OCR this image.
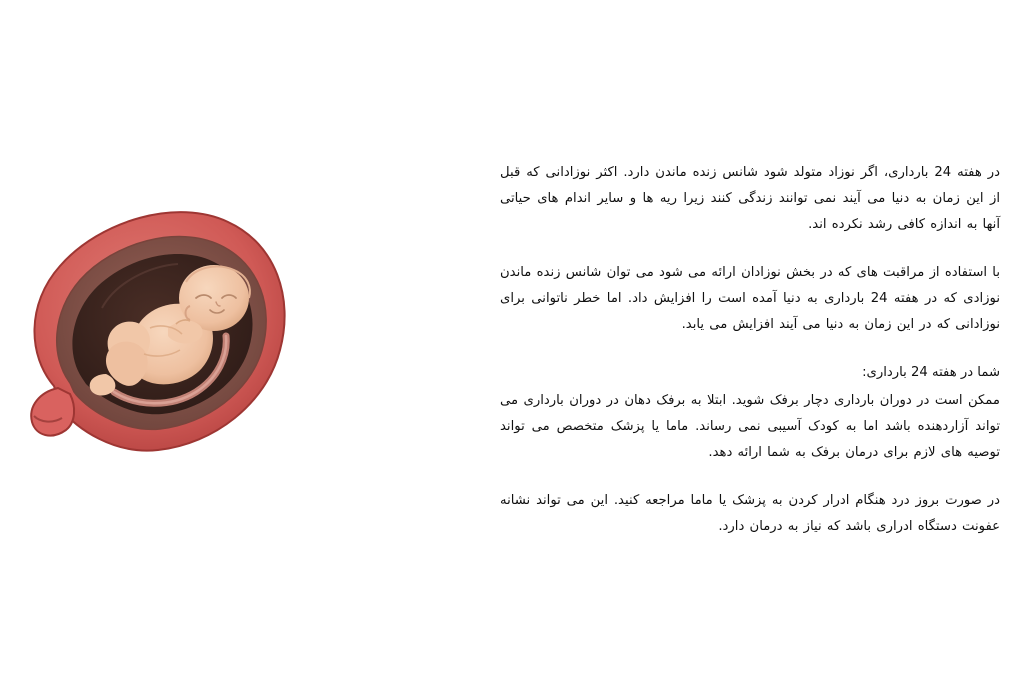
در هفته 24 بارداری، اگر نوزاد متولد شود شانس زنده ماندن دارد. اکثر نوزادانی که قبل از این زمان به دنیا می آیند نمی توانند زندگی کنند زیرا ریه ها و سایر اندام های حیاتی آنها به اندازه کافی رشد نکرده اند.

با استفاده از مراقبت های که در بخش نوزادان ارائه می شود می توان شانس زنده ماندن نوزادی که در هفته 24 بارداری به دنیا آمده است را افزایش داد. اما خطر ناتوانی برای نوزادانی که در این زمان به دنیا می آیند افزایش می یابد.

شما در هفته 24 بارداری:

ممکن است در دوران بارداری دچار برفک شوید. ابتلا به برفک دهان در دوران بارداری می تواند آزاردهنده باشد اما به کودک آسیبی نمی رساند. ماما یا پزشک متخصص می تواند توصیه های لازم برای درمان برفک به شما ارائه دهد.

در صورت بروز درد هنگام ادرار کردن به پزشک یا ماما مراجعه کنید. این می تواند نشانه عفونت دستگاه ادراری باشد که نیاز به درمان دارد.
